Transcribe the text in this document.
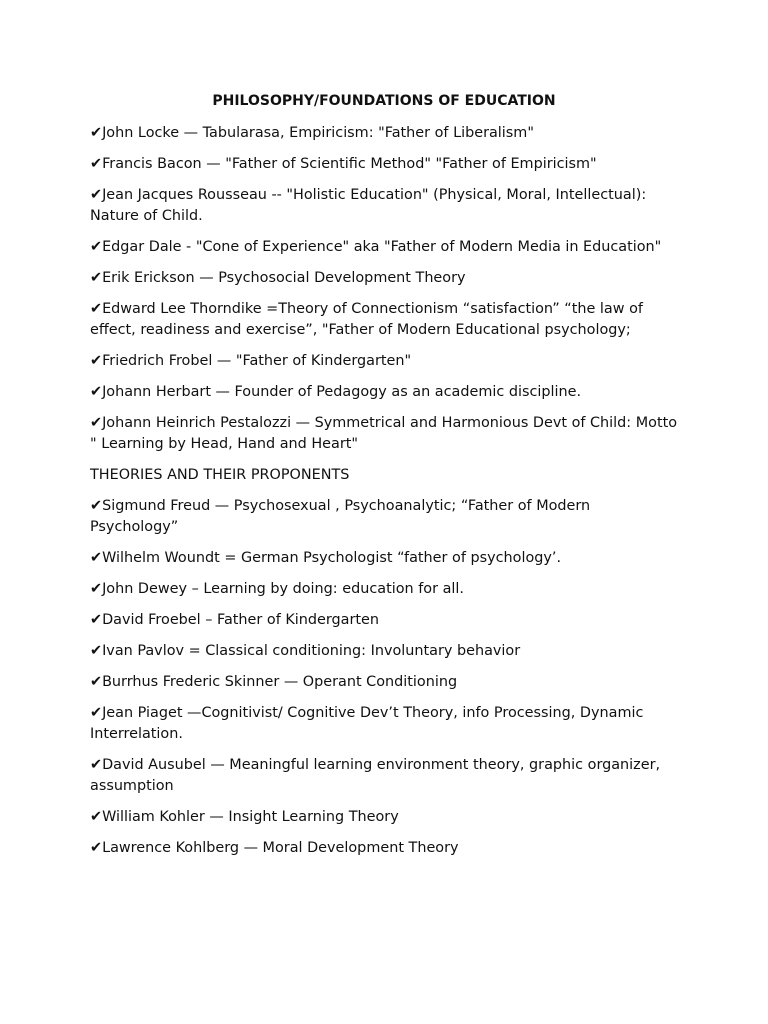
PHILOSOPHY/FOUNDATIONS OF EDUCATION
✔John Locke — Tabularasa, Empiricism: "Father of Liberalism"
✔Francis Bacon — "Father of Scientific Method" "Father of Empiricism"
✔Jean Jacques Rousseau -- "Holistic Education" (Physical, Moral, Intellectual): Nature of Child.
✔Edgar Dale - "Cone of Experience" aka "Father of Modern Media in Education"
✔Erik Erickson — Psychosocial Development Theory
✔Edward Lee Thorndike =Theory of Connectionism “satisfaction” “the law of effect, readiness and exercise”, "Father of Modern Educational psychology;
✔Friedrich Frobel — "Father of Kindergarten"
✔Johann Herbart — Founder of Pedagogy as an academic discipline.
✔Johann Heinrich Pestalozzi — Symmetrical and Harmonious Devt of Child: Motto " Learning by Head, Hand and Heart"
THEORIES AND THEIR PROPONENTS
✔Sigmund Freud — Psychosexual , Psychoanalytic; “Father of Modern Psychology”
✔Wilhelm Woundt = German Psychologist “father of psychology’.
✔John Dewey – Learning by doing: education for all.
✔David Froebel – Father of Kindergarten
✔Ivan Pavlov = Classical conditioning: Involuntary behavior
✔Burrhus Frederic Skinner — Operant Conditioning
✔Jean Piaget —Cognitivist/ Cognitive Dev’t Theory, info Processing, Dynamic Interrelation.
✔David Ausubel — Meaningful learning environment theory, graphic organizer, assumption
✔William Kohler — Insight Learning Theory
✔Lawrence Kohlberg — Moral Development Theory
